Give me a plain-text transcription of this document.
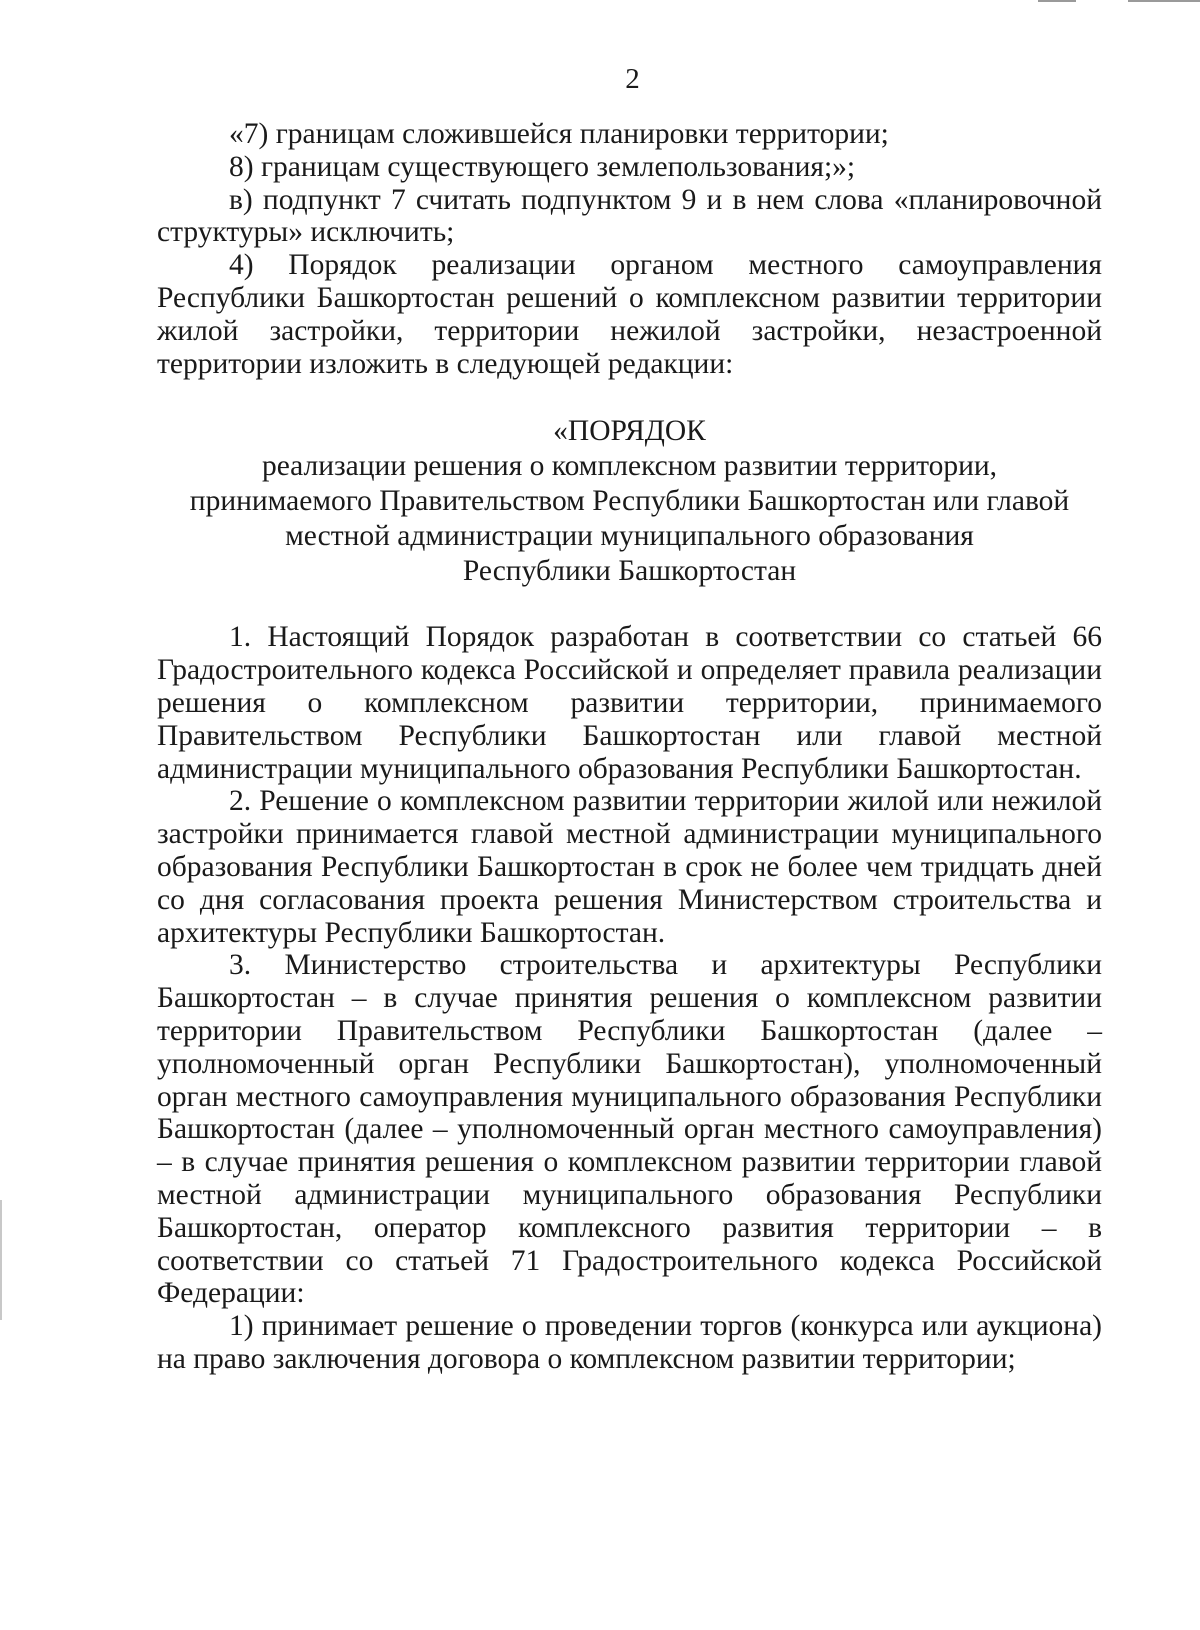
2

«7) границам сложившейся планировки территории;

8) границам существующего землепользования;»;

в) подпункт 7 считать подпунктом 9 и в нем слова «планировочной структуры» исключить;

4) Порядок реализации органом местного самоуправления Республики Башкортостан решений о комплексном развитии территории жилой застройки, территории нежилой застройки, незастроенной территории изложить в следующей редакции:

«ПОРЯДОК
реализации решения о комплексном развитии территории,
принимаемого Правительством Республики Башкортостан или главой
местной администрации муниципального образования
Республики Башкортостан

1. Настоящий Порядок разработан в соответствии со статьей 66 Градостроительного кодекса Российской и определяет правила реализации решения о комплексном развитии территории, принимаемого Правительством Республики Башкортостан или главой местной администрации муниципального образования Республики Башкортостан.

2. Решение о комплексном развитии территории жилой или нежилой застройки принимается главой местной администрации муниципального образования Республики Башкортостан в срок не более чем тридцать дней со дня согласования проекта решения Министерством строительства и архитектуры Республики Башкортостан.

3. Министерство строительства и архитектуры Республики Башкортостан – в случае принятия решения о комплексном развитии территории Правительством Республики Башкортостан (далее – уполномоченный орган Республики Башкортостан), уполномоченный орган местного самоуправления муниципального образования Республики Башкортостан (далее – уполномоченный орган местного самоуправления) – в случае принятия решения о комплексном развитии территории главой местной администрации муниципального образования Республики Башкортостан, оператор комплексного развития территории – в соответствии со статьей 71 Градостроительного кодекса Российской Федерации:

1) принимает решение о проведении торгов (конкурса или аукциона) на право заключения договора о комплексном развитии территории;
